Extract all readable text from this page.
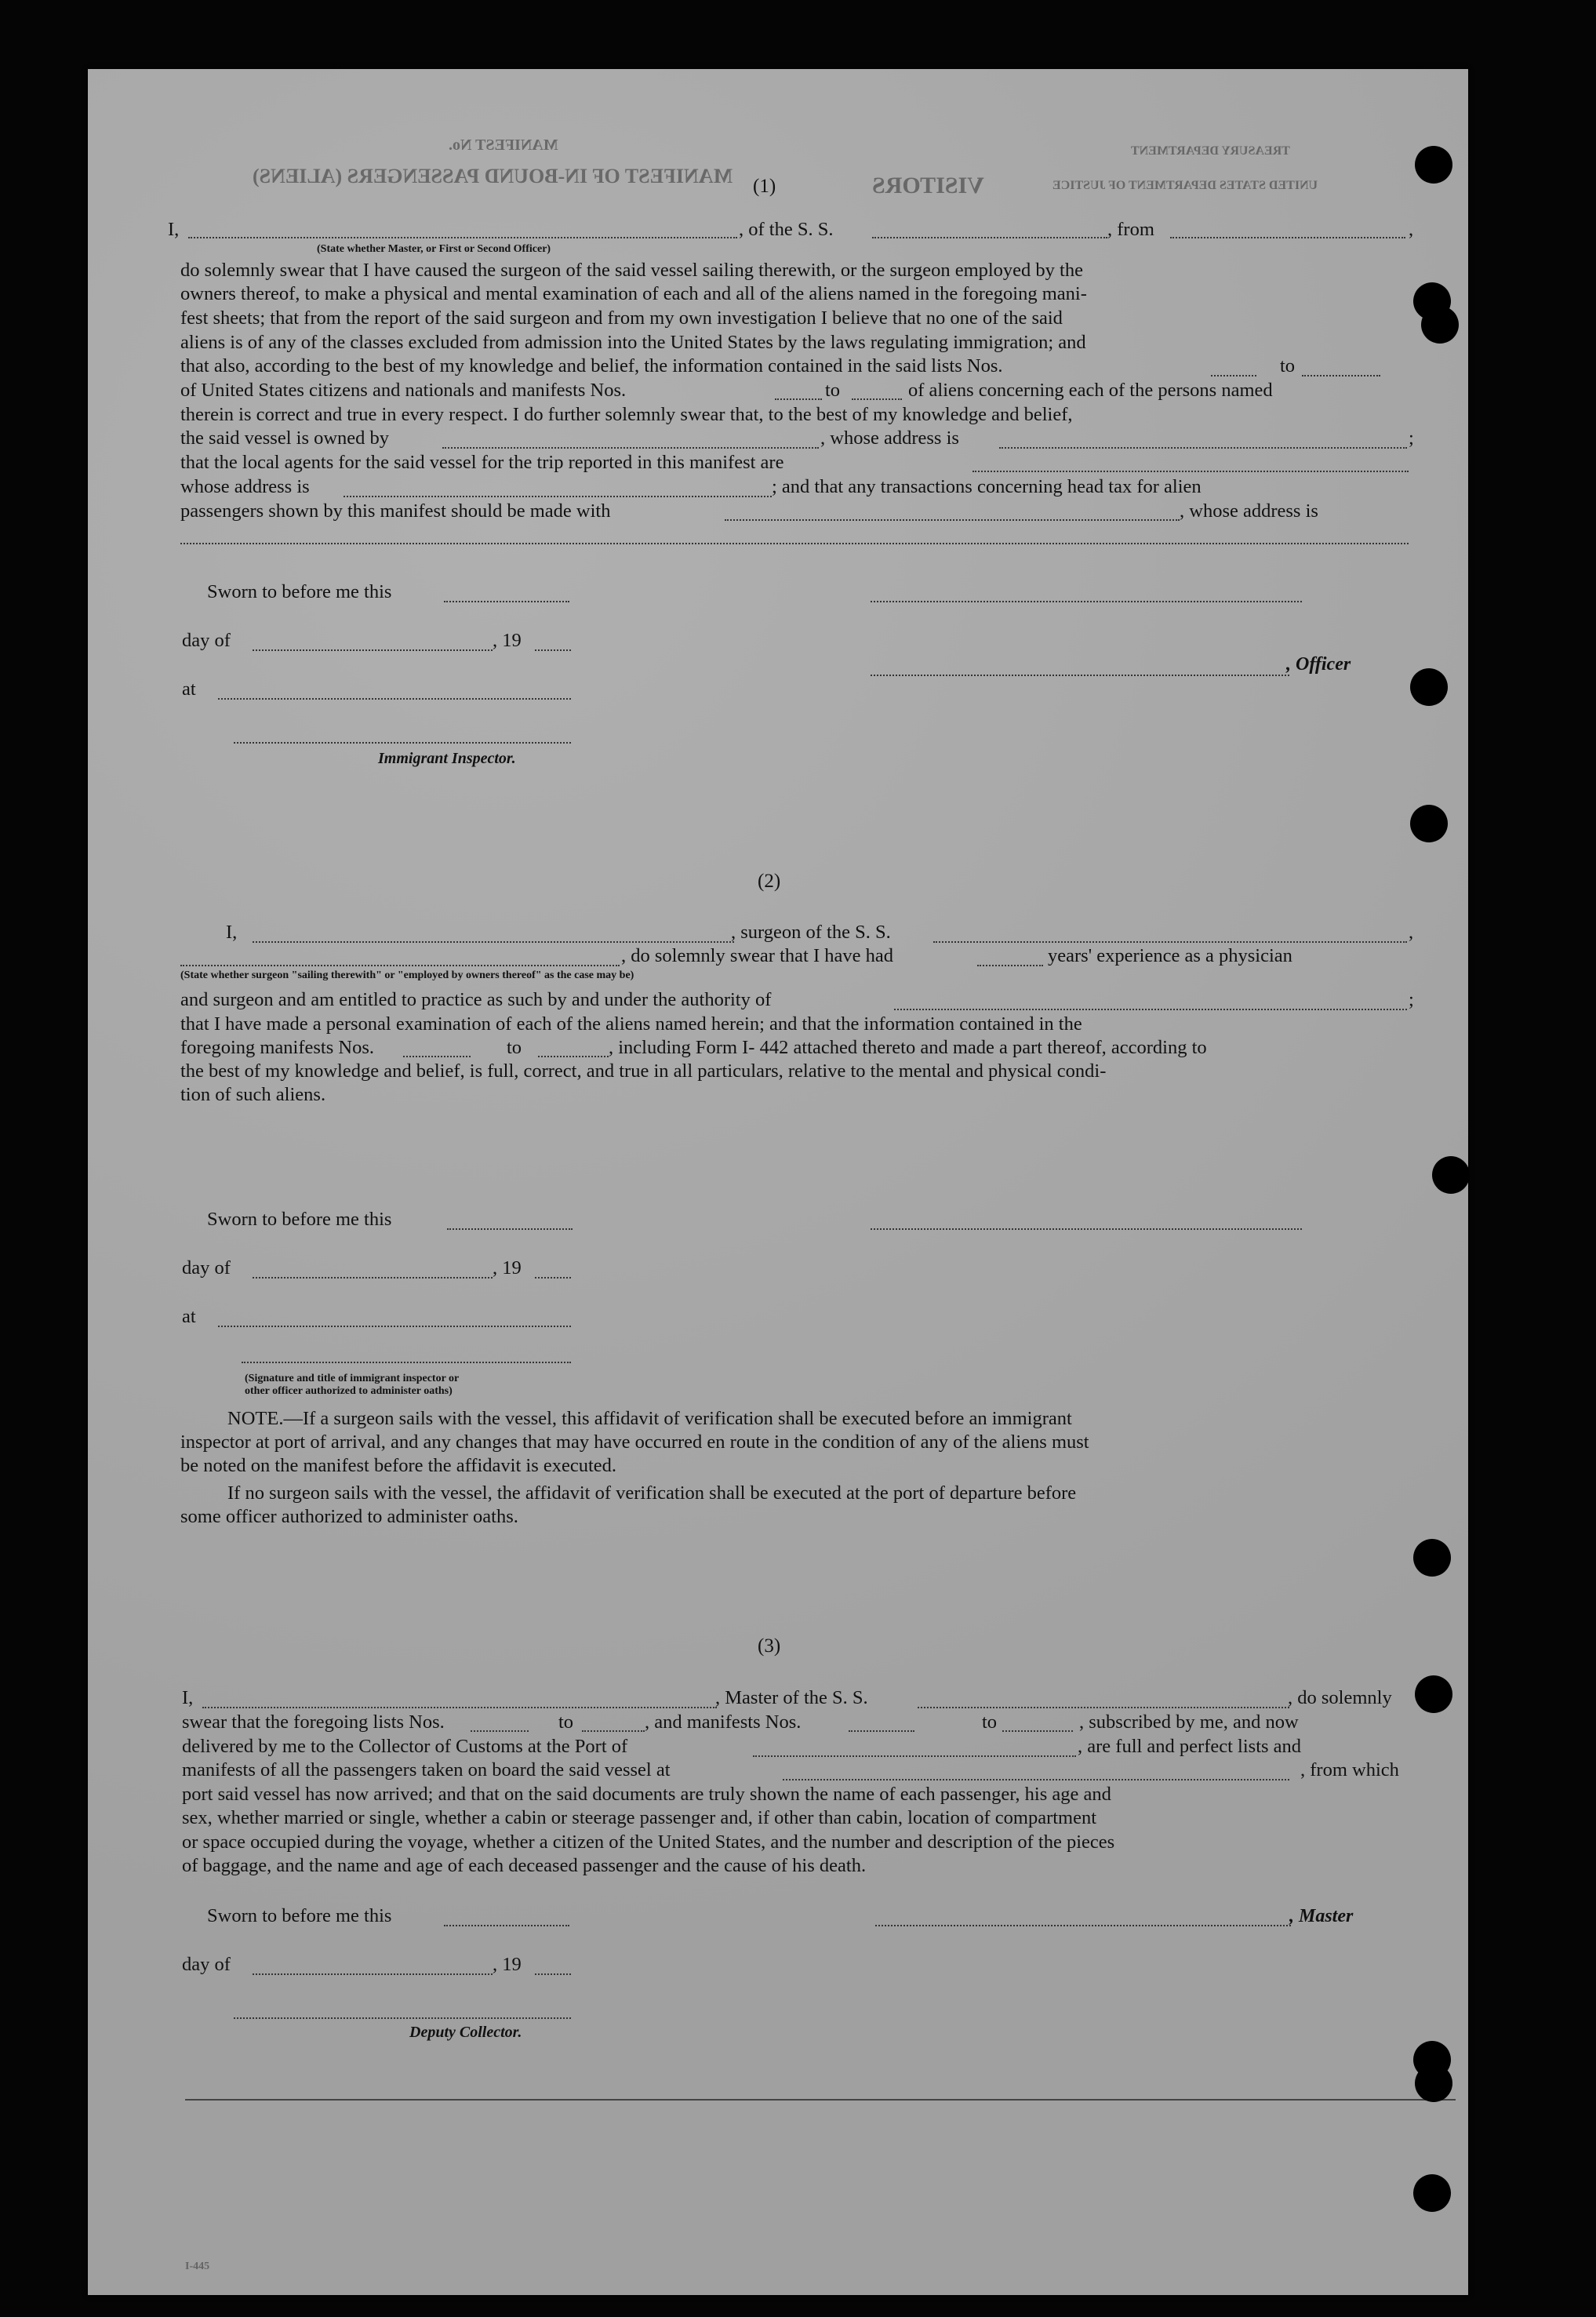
MANIFEST No.
MANIFEST OF IN-BOUND PASSENGERS (ALIENS)	VISITORS
TREASURY DEPARTMENT
UNITED STATES DEPARTMENT OF JUSTICE
(1)
I,	, of the S. S.	, from	,
(State whether Master, or First or Second Officer)
do solemnly swear that I have caused the surgeon of the said vessel sailing therewith, or the surgeon employed by the
owners thereof, to make a physical and mental examination of each and all of the aliens named in the foregoing mani-
fest sheets; that from the report of the said surgeon and from my own investigation I believe that no one of the said
aliens is of any of the classes excluded from admission into the United States by the laws regulating immigration; and
that also, according to the best of my knowledge and belief, the information contained in the said lists Nos.	to
of United States citizens and nationals and manifests Nos.	to	of aliens concerning each of the persons named
therein is correct and true in every respect. I do further solemnly swear that, to the best of my knowledge and belief,
the said vessel is owned by	, whose address is	;
that the local agents for the said vessel for the trip reported in this manifest are
whose address is	; and that any transactions concerning head tax for alien
passengers shown by this manifest should be made with	, whose address is
Sworn to before me this
day of	, 19
, Officer
at
Immigrant Inspector.
(2)
I,	, surgeon of the S. S.	,
, do solemnly swear that I have had	years' experience as a physician
(State whether surgeon "sailing therewith" or "employed by owners thereof" as the case may be)
and surgeon and am entitled to practice as such by and under the authority of	;
that I have made a personal examination of each of the aliens named herein; and that the information contained in the
foregoing manifests Nos.	to	, including Form I- 442 attached thereto and made a part thereof, according to
the best of my knowledge and belief, is full, correct, and true in all particulars, relative to the mental and physical condi-
tion of such aliens.
Sworn to before me this
day of	, 19
at
(Signature and title of immigrant inspector or
other officer authorized to administer oaths)
NOTE.—If a surgeon sails with the vessel, this affidavit of verification shall be executed before an immigrant
inspector at port of arrival, and any changes that may have occurred en route in the condition of any of the aliens must
be noted on the manifest before the affidavit is executed.
If no surgeon sails with the vessel, the affidavit of verification shall be executed at the port of departure before
some officer authorized to administer oaths.
(3)
I,	, Master of the S. S.	, do solemnly
swear that the foregoing lists Nos.	to	, and manifests Nos.	to	, subscribed by me, and now
delivered by me to the Collector of Customs at the Port of	, are full and perfect lists and
manifests of all the passengers taken on board the said vessel at	, from which
port said vessel has now arrived; and that on the said documents are truly shown the name of each passenger, his age and
sex, whether married or single, whether a cabin or steerage passenger and, if other than cabin, location of compartment
or space occupied during the voyage, whether a citizen of the United States, and the number and description of the pieces
of baggage, and the name and age of each deceased passenger and the cause of his death.
Sworn to before me this	, Master
day of	, 19
Deputy Collector.
I-445
